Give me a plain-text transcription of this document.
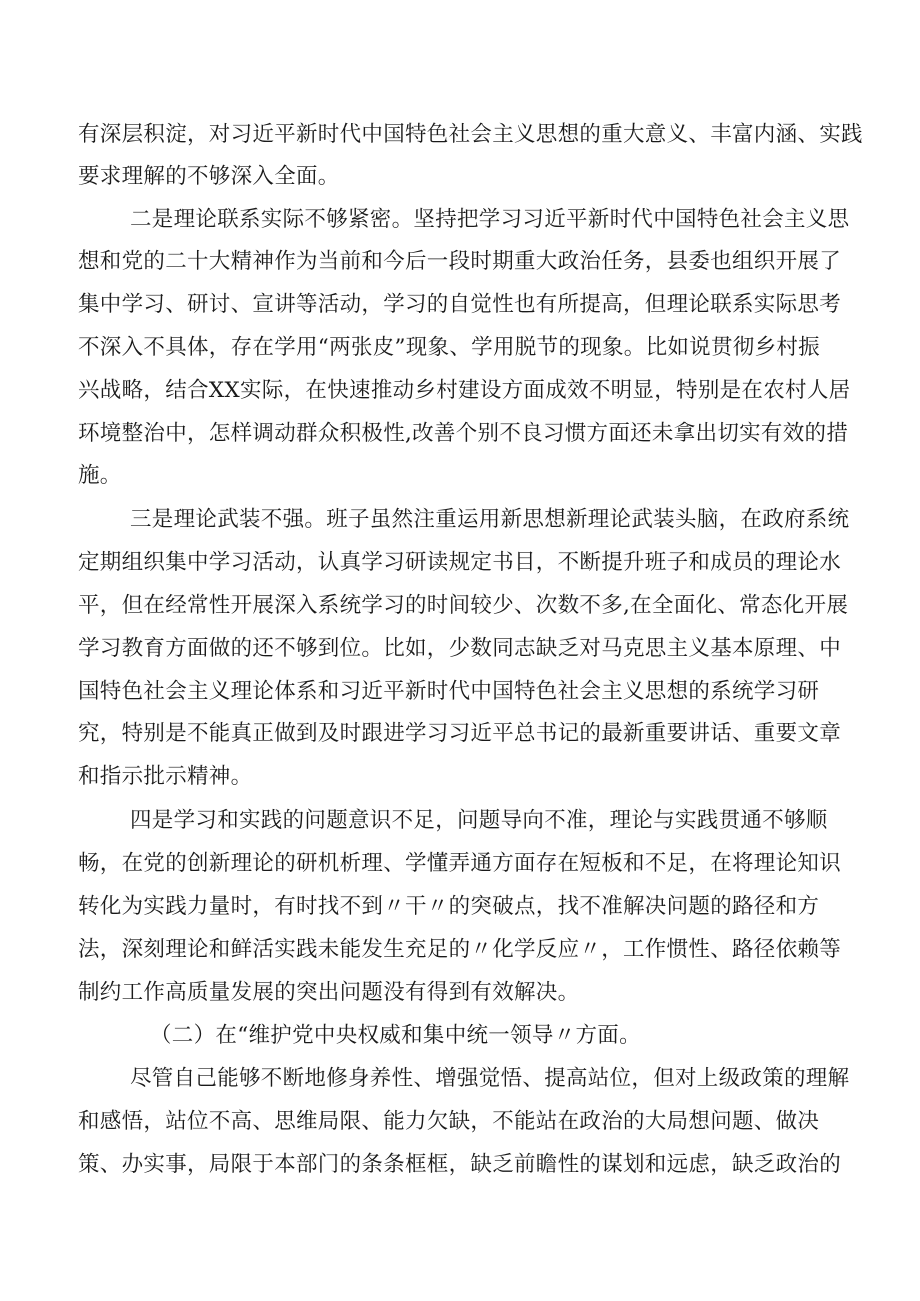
有深层积淀，对习近平新时代中国特色社会主义思想的重大意义、丰富内涵、实践
要求理解的不够深入全面。
二是理论联系实际不够紧密。坚持把学习习近平新时代中国特色社会主义思
想和党的二十大精神作为当前和今后一段时期重大政治任务，县委也组织开展了
集中学习、研讨、宣讲等活动，学习的自觉性也有所提高，但理论联系实际思考
不深入不具体，存在学用“两张皮”现象、学用脱节的现象。比如说贯彻乡村振
兴战略，结合XX实际，在快速推动乡村建设方面成效不明显，特别是在农村人居
环境整治中，怎样调动群众积极性,改善个别不良习惯方面还未拿出切实有效的措
施。
三是理论武装不强。班子虽然注重运用新思想新理论武装头脑，在政府系统
定期组织集中学习活动，认真学习研读规定书目，不断提升班子和成员的理论水
平，但在经常性开展深入系统学习的时间较少、次数不多,在全面化、常态化开展
学习教育方面做的还不够到位。比如，少数同志缺乏对马克思主义基本原理、中
国特色社会主义理论体系和习近平新时代中国特色社会主义思想的系统学习研
究，特别是不能真正做到及时跟进学习习近平总书记的最新重要讲话、重要文章
和指示批示精神。
四是学习和实践的问题意识不足，问题导向不准，理论与实践贯通不够顺
畅，在党的创新理论的研机析理、学懂弄通方面存在短板和不足，在将理论知识
转化为实践力量时，有时找不到〃干〃的突破点，找不准解决问题的路径和方
法，深刻理论和鲜活实践未能发生充足的〃化学反应〃，工作惯性、路径依赖等
制约工作高质量发展的突出问题没有得到有效解决。
（二）在“维护党中央权威和集中统一领导〃方面。
尽管自己能够不断地修身养性、增强觉悟、提高站位，但对上级政策的理解
和感悟，站位不高、思维局限、能力欠缺，不能站在政治的大局想问题、做决
策、办实事，局限于本部门的条条框框，缺乏前瞻性的谋划和远虑，缺乏政治的
